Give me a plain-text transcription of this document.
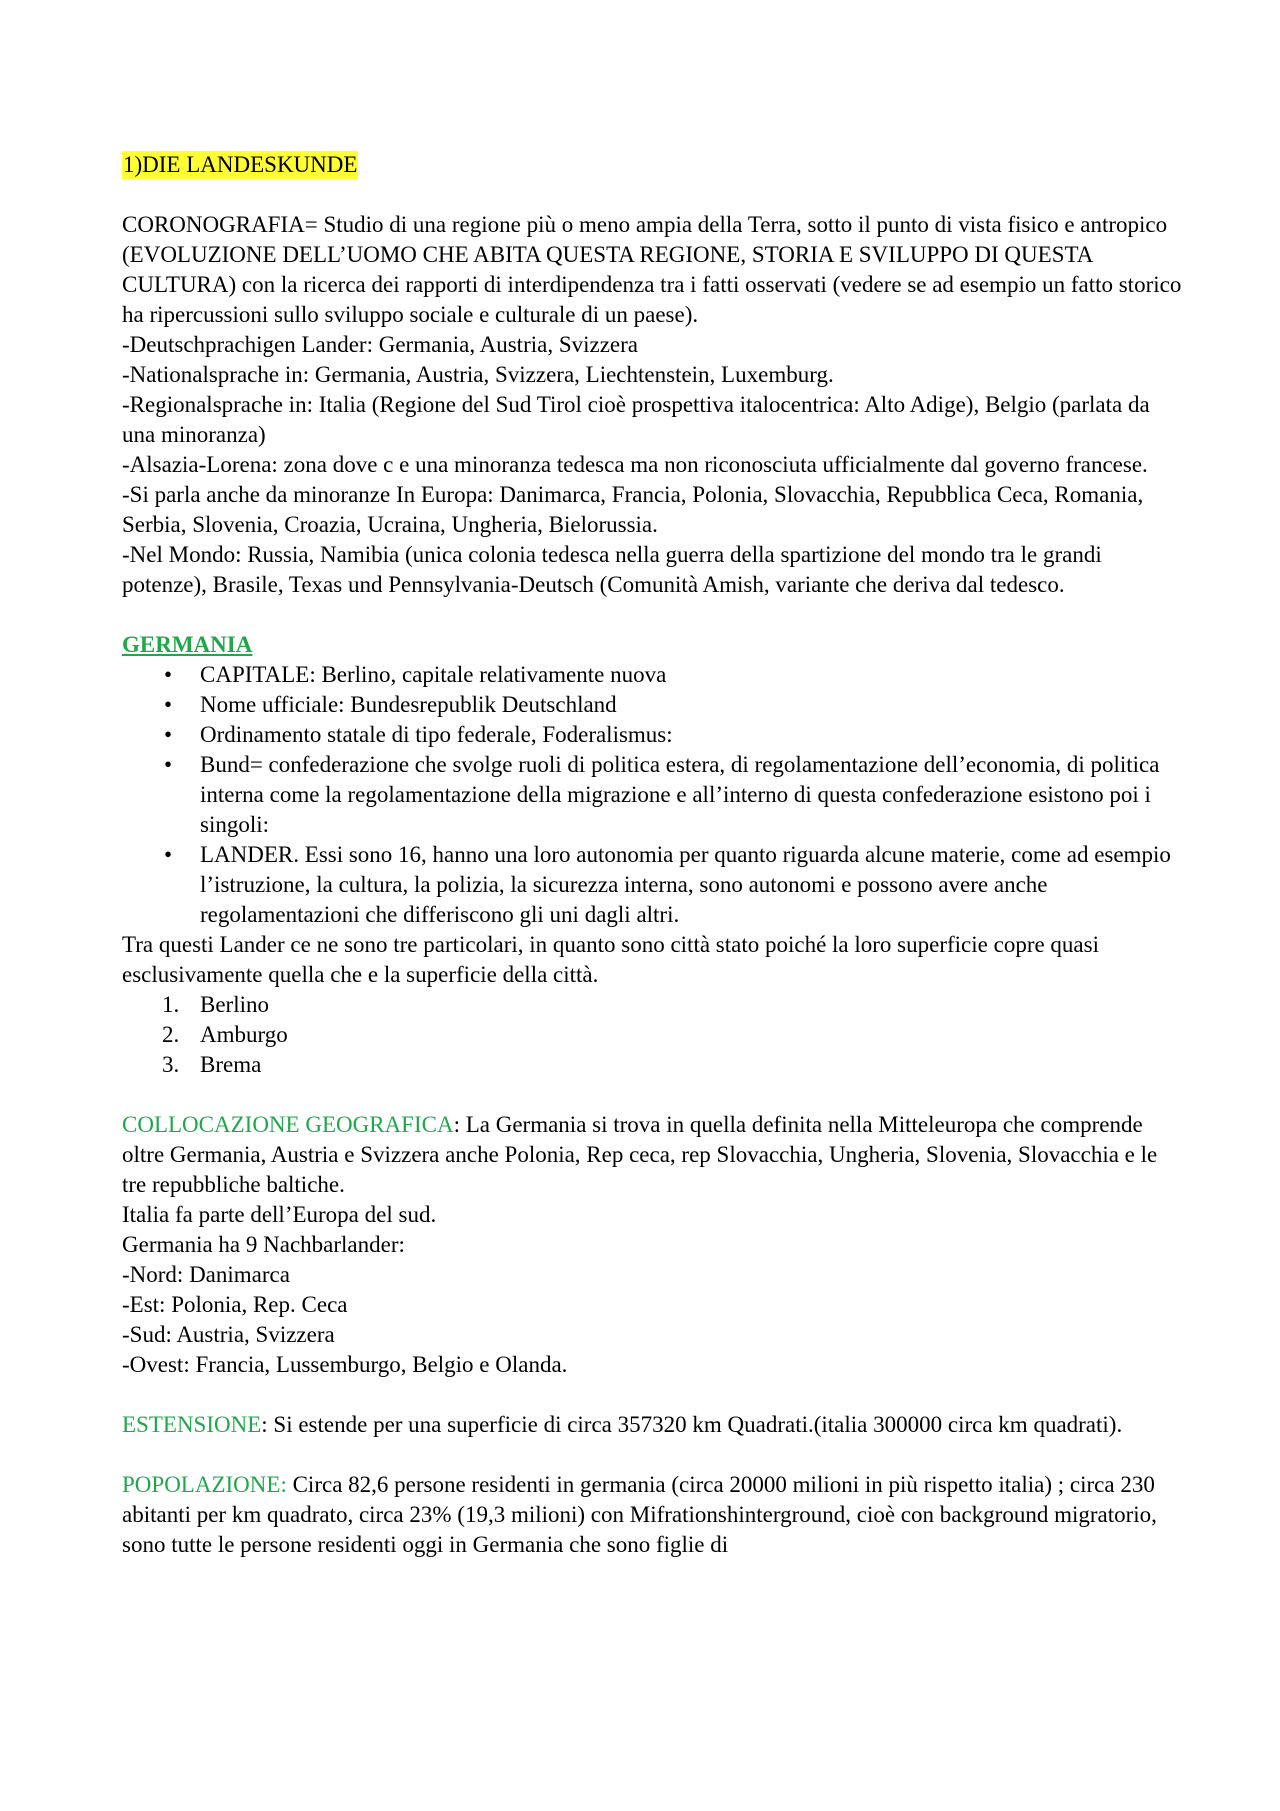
1)DIE LANDESKUNDE

CORONOGRAFIA= Studio di una regione più o meno ampia della Terra, sotto il punto di vista fisico e antropico (EVOLUZIONE DELL’UOMO CHE ABITA QUESTA REGIONE, STORIA E SVILUPPO DI QUESTA CULTURA) con la ricerca dei rapporti di interdipendenza tra i fatti osservati (vedere se ad esempio un fatto storico ha ripercussioni sullo sviluppo sociale e culturale di un paese).

-Deutschprachigen Lander: Germania, Austria, Svizzera
-Nationalsprache in: Germania, Austria, Svizzera, Liechtenstein, Luxemburg.
-Regionalsprache in: Italia (Regione del Sud Tirol cioè prospettiva italocentrica: Alto Adige), Belgio (parlata da una minoranza)
-Alsazia-Lorena: zona dove c e una minoranza tedesca ma non riconosciuta ufficialmente dal governo francese.
-Si parla anche da minoranze In Europa: Danimarca, Francia, Polonia, Slovacchia, Repubblica Ceca, Romania, Serbia, Slovenia, Croazia, Ucraina, Ungheria, Bielorussia.
-Nel Mondo: Russia, Namibia (unica colonia tedesca nella guerra della spartizione del mondo tra le grandi potenze), Brasile, Texas und Pennsylvania-Deutsch (Comunità Amish, variante che deriva dal tedesco.
GERMANIA
• CAPITALE: Berlino, capitale relativamente nuova
• Nome ufficiale: Bundesrepublik Deutschland
• Ordinamento statale di tipo federale, Foderalismus:
• Bund= confederazione che svolge ruoli di politica estera, di regolamentazione dell’economia, di politica interna come la regolamentazione della migrazione e all’interno di questa confederazione esistono poi i singoli:
• LANDER. Essi sono 16, hanno una loro autonomia per quanto riguarda alcune materie, come ad esempio l’istruzione, la cultura, la polizia, la sicurezza interna, sono autonomi e possono avere anche regolamentazioni che differiscono gli uni dagli altri.

Tra questi Lander ce ne sono tre particolari, in quanto sono città stato poiché la loro superficie copre quasi esclusivamente quella che e la superficie della città.

1. Berlino
2. Amburgo
3. Brema

COLLOCAZIONE GEOGRAFICA: La Germania si trova in quella definita nella Mitteleuropa che comprende oltre Germania, Austria e Svizzera anche Polonia, Rep ceca, rep Slovacchia, Ungheria, Slovenia, Slovacchia e le tre repubbliche baltiche.

Italia fa parte dell’Europa del sud.
Germania ha 9 Nachbarlander:
-Nord: Danimarca
-Est: Polonia, Rep. Ceca
-Sud: Austria, Svizzera
-Ovest: Francia, Lussemburgo, Belgio e Olanda.

ESTENSIONE: Si estende per una superficie di circa 357320 km Quadrati.(italia 300000 circa km quadrati).

POPOLAZIONE: Circa 82,6 persone residenti in germania (circa 20000 milioni in più rispetto italia) ; circa 230 abitanti per km quadrato, circa 23% (19,3 milioni) con Mifrationshinterground, cioè con background migratorio, sono tutte le persone residenti oggi in Germania che sono figlie di
